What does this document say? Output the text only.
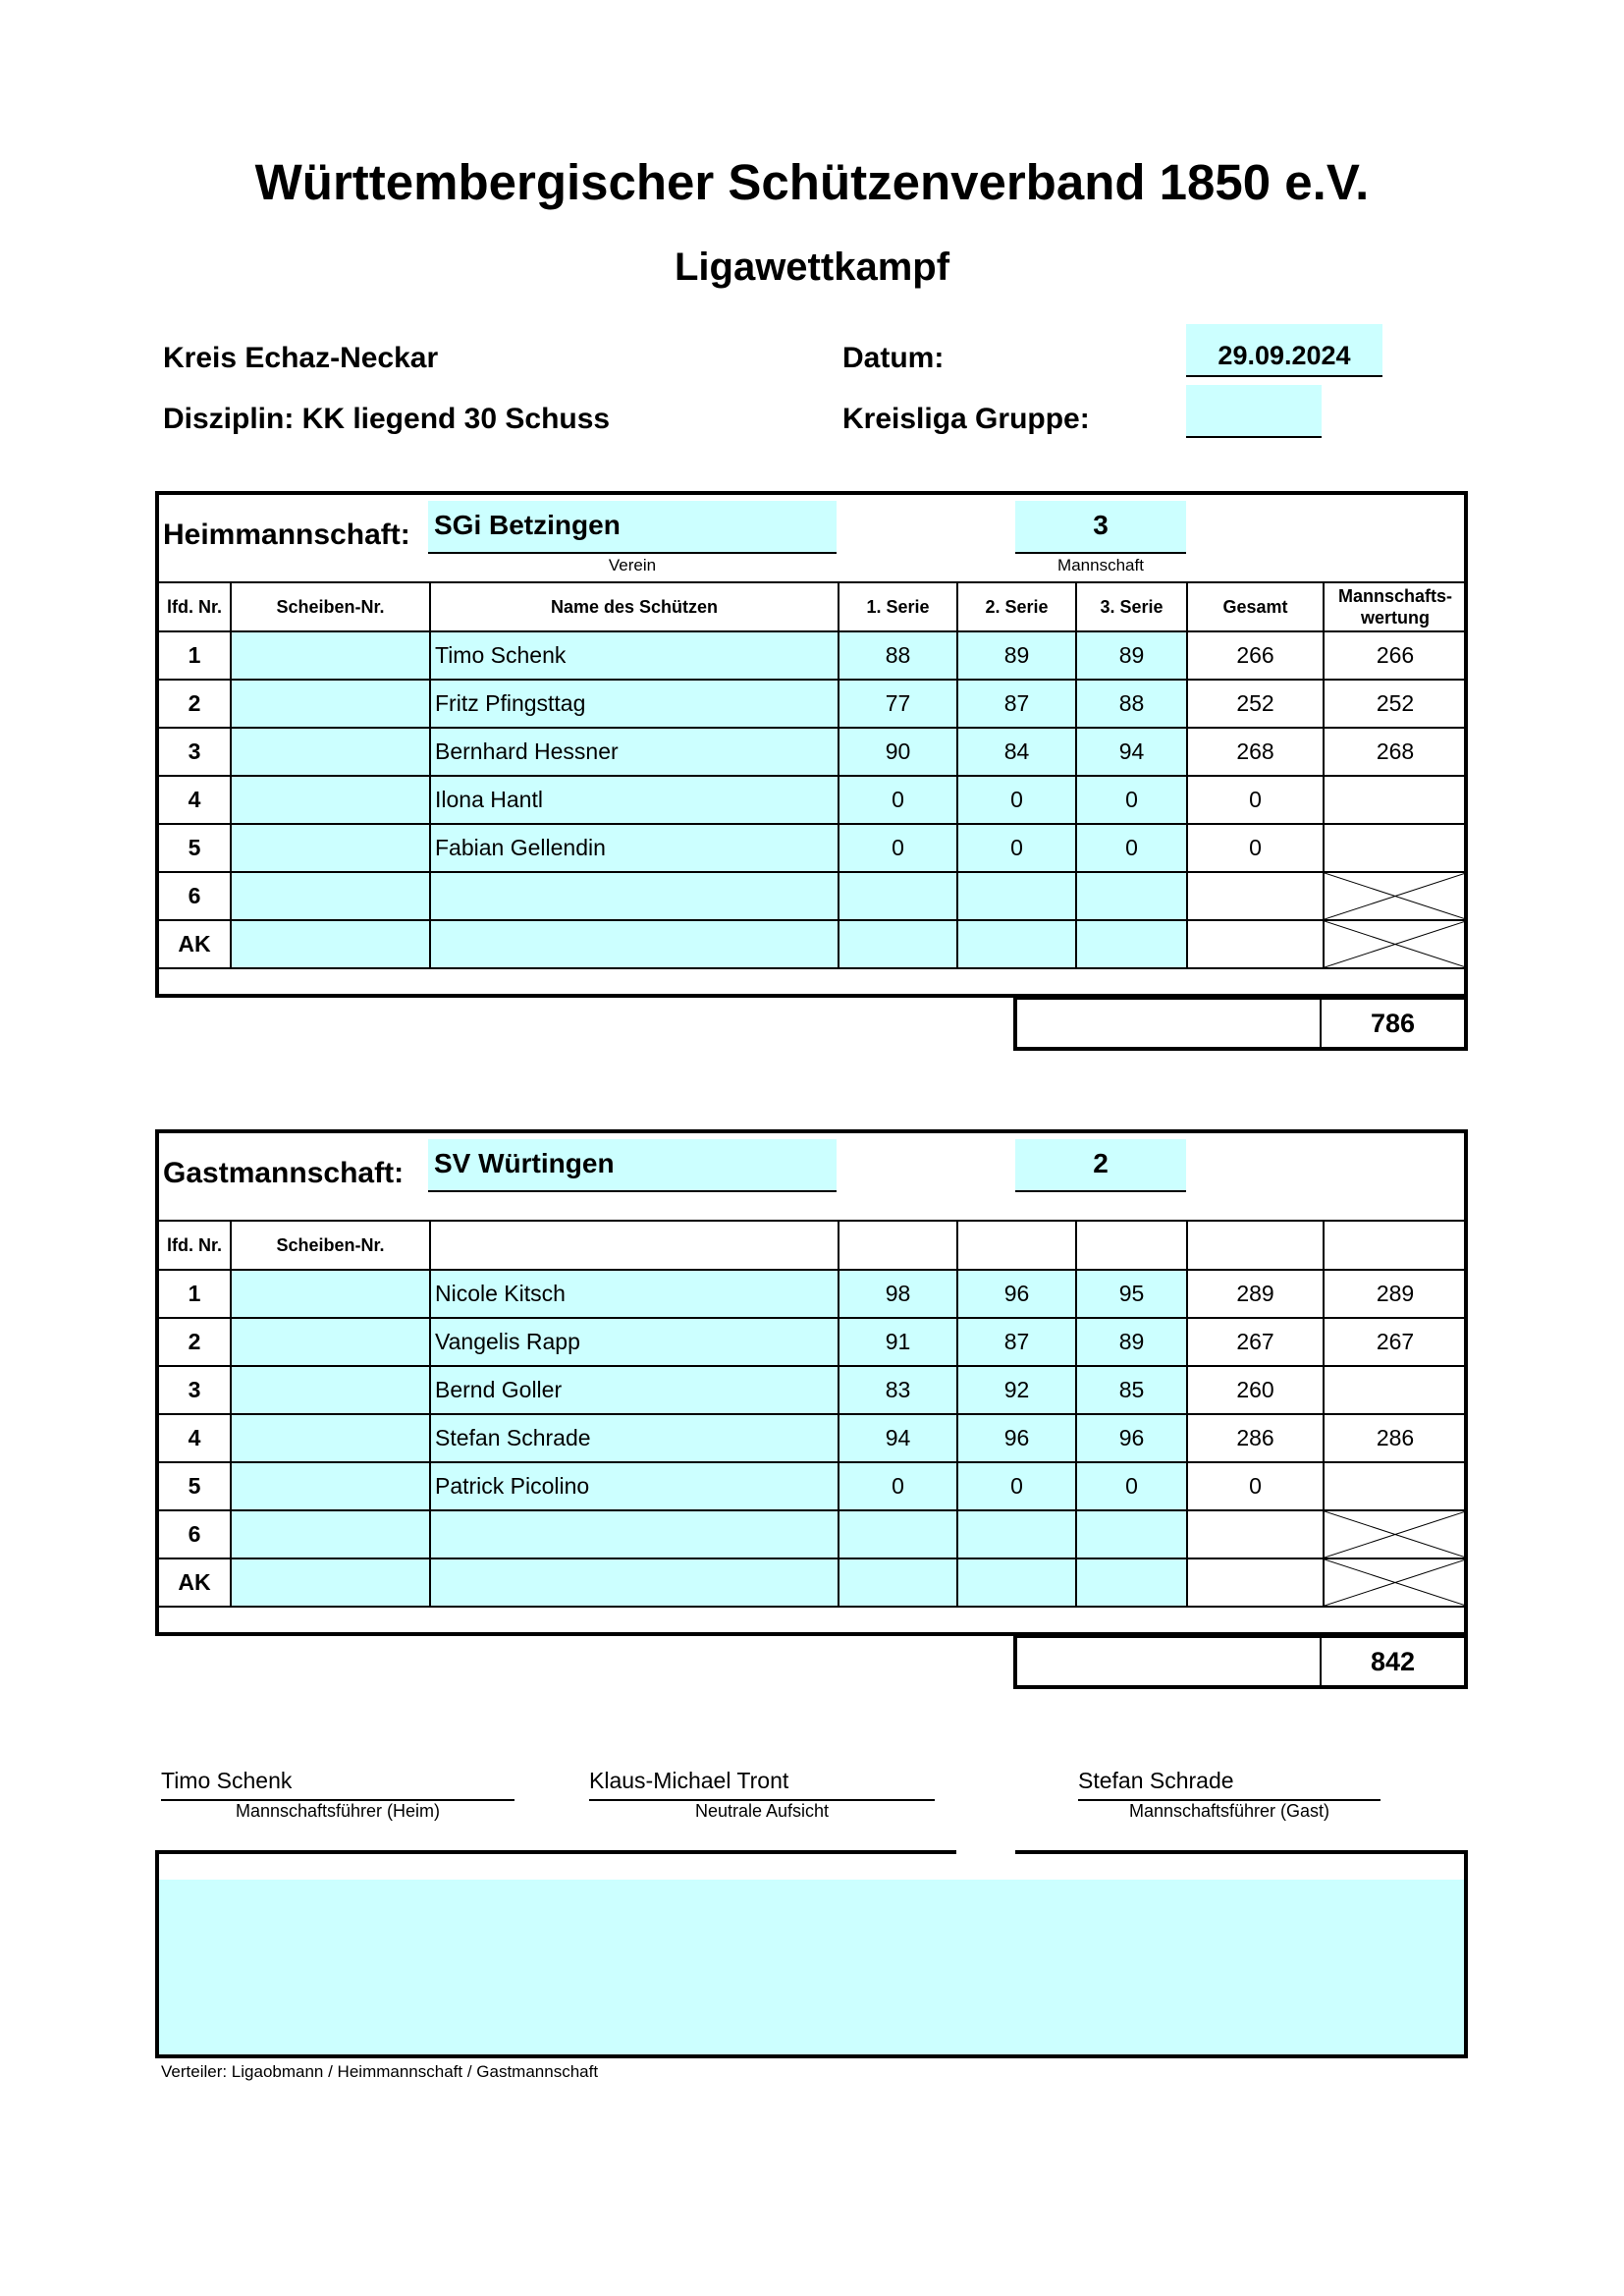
Württembergischer Schützenverband 1850 e.V.
Ligawettkampf
Kreis Echaz-Neckar
Disziplin: KK liegend 30 Schuss
Datum:
Kreisliga Gruppe:
29.09.2024
Heimmannschaft: SGi Betzingen
Verein
3
Mannschaft
lfd. Nr.	Scheiben-Nr.	Name des Schützen	1. Serie	2. Serie	3. Serie	Gesamt	Mannschafts-wertung
1		Timo Schenk	88	89	89	266	266
2		Fritz Pfingsttag	77	87	88	252	252
3		Bernhard Hessner	90	84	94	268	268
4		Ilona Hantl	0	0	0	0	
5		Fabian Gellendin	0	0	0	0	
6							

AK							
786
Gastmannschaft: SV Würtingen	2
lfd. Nr.	Scheiben-Nr.						
1		Nicole Kitsch	98	96	95	289	289
2		Vangelis Rapp	91	87	89	267	267
3		Bernd Goller	83	92	85	260	
4		Stefan Schrade	94	96	96	286	286
5		Patrick Picolino	0	0	0	0	
6							

AK							
842
Timo Schenk
Mannschaftsführer (Heim)
Klaus-Michael Tront
Neutrale Aufsicht
Stefan Schrade
Mannschaftsführer (Gast)
Verteiler: Ligaobmann / Heimmannschaft / Gastmannschaft
